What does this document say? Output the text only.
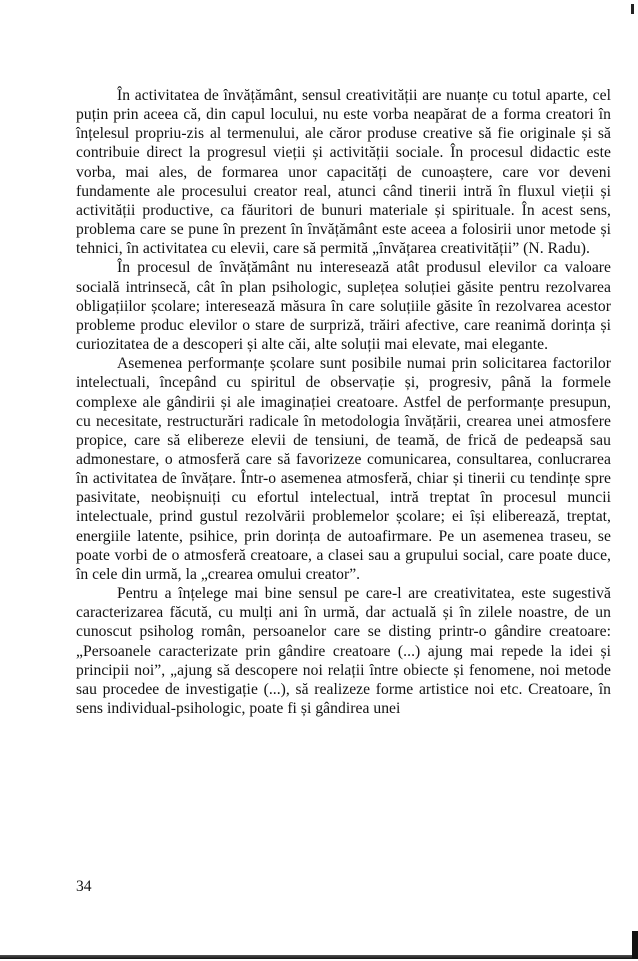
În activitatea de învățământ, sensul creativității are nuanțe cu totul aparte, cel puțin prin aceea că, din capul locului, nu este vorba neapărat de a forma creatori în înțelesul propriu-zis al termenului, ale căror produse creative să fie originale și să contribuie direct la progresul vieții și activității sociale. În procesul didactic este vorba, mai ales, de formarea unor capacități de cunoaștere, care vor deveni fundamente ale procesului creator real, atunci când tinerii intră în fluxul vieții și activității productive, ca făuritori de bunuri materiale și spirituale. În acest sens, problema care se pune în prezent în învățământ este aceea a folosirii unor metode și tehnici, în activitatea cu elevii, care să permită „învățarea creativității” (N. Radu).

În procesul de învățământ nu interesează atât produsul elevilor ca valoare socială intrinsecă, cât în plan psihologic, suplețea soluției găsite pentru rezolvarea obligațiilor școlare; interesează măsura în care soluțiile găsite în rezolvarea acestor probleme produc elevilor o stare de surpriză, trăiri afective, care reanimă dorința și curiozitatea de a descoperi și alte căi, alte soluții mai elevate, mai elegante.

Asemenea performanțe școlare sunt posibile numai prin solicitarea factorilor intelectuali, începând cu spiritul de observație și, progresiv, până la formele complexe ale gândirii și ale imaginației creatoare. Astfel de performanțe presupun, cu necesitate, restructurări radicale în metodologia învățării, crearea unei atmosfere propice, care să elibereze elevii de tensiuni, de teamă, de frică de pedeapsă sau admonestare, o atmosferă care să favorizeze comunicarea, consultarea, conlucrarea în activitatea de învățare. Într-o asemenea atmosferă, chiar și tinerii cu tendințe spre pasivitate, neobișnuiți cu efortul intelectual, intră treptat în procesul muncii intelectuale, prind gustul rezolvării problemelor școlare; ei își eliberează, treptat, energiile latente, psihice, prin dorința de autoafirmare. Pe un asemenea traseu, se poate vorbi de o atmosferă creatoare, a clasei sau a grupului social, care poate duce, în cele din urmă, la „crearea omului creator”.

Pentru a înțelege mai bine sensul pe care-l are creativitatea, este sugestivă caracterizarea făcută, cu mulți ani în urmă, dar actuală și în zilele noastre, de un cunoscut psiholog român, persoanelor care se disting printr-o gândire creatoare: „Persoanele caracterizate prin gândire creatoare (...) ajung mai repede la idei și principii noi”, „ajung să descopere noi relații între obiecte și fenomene, noi metode sau procedee de investigație (...), să realizeze forme artistice noi etc. Creatoare, în sens individual-psihologic, poate fi și gândirea unei

34
